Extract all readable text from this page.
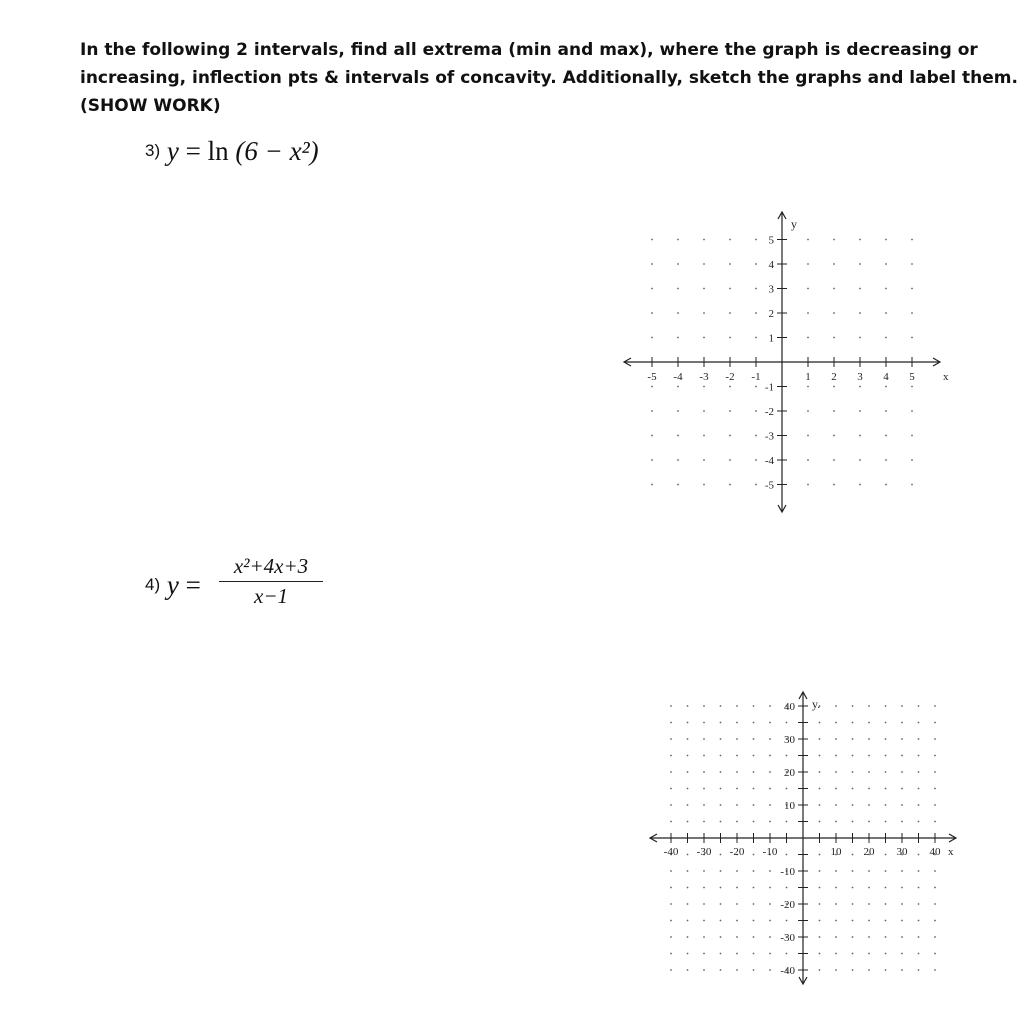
In the following 2 intervals, find all extrema (min and max), where the graph is decreasing or
increasing, inflection pts & intervals of concavity. Additionally, sketch the graphs and label them.
(SHOW WORK)
3) y = ln (6 − x²)
4) $y = \frac{\text{x²+4x+3}}{x-1}$
-5 -4 -3 -2 -1	1 2 3 4 5
-5
-4
-3
-2
-1
1
2
3
4
5
x
y
-40 -30 -20 -10	10 20 30 40
-40
-30
-20
-10
10
20
30
40
x
y.
